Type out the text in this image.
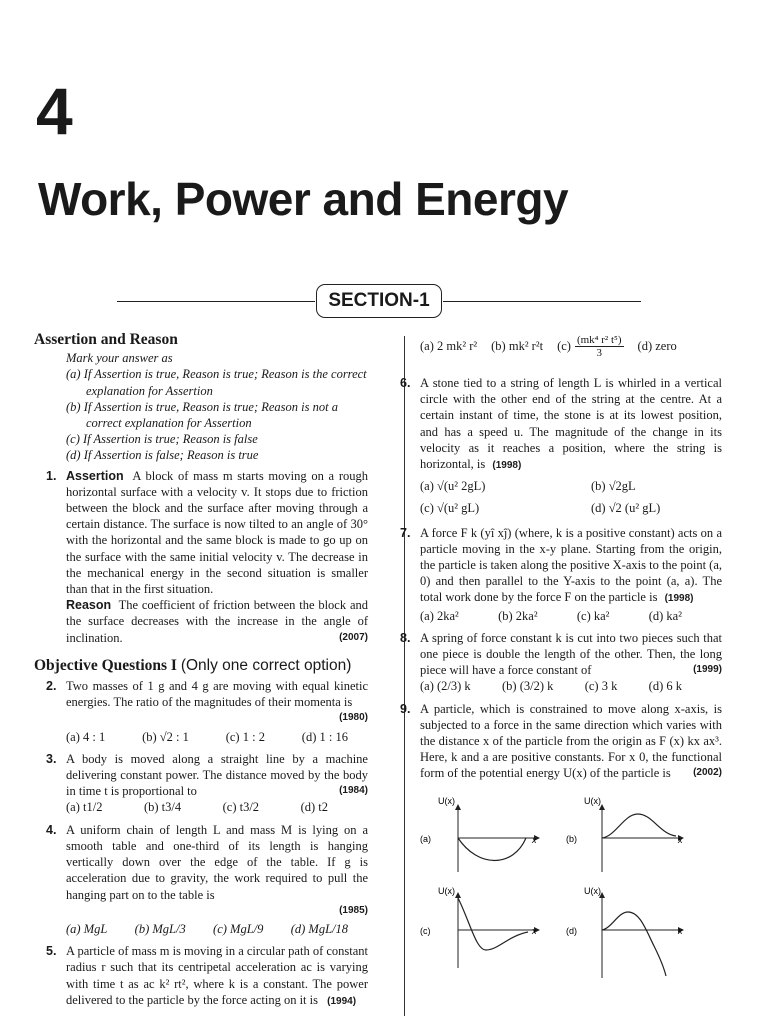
4
Work, Power and Energy
SECTION-1
Assertion and Reason
Mark your answer as
(a) If Assertion is true, Reason is true; Reason is the correct explanation for Assertion
(b) If Assertion is true, Reason is true; Reason is not a correct explanation for Assertion
(c) If Assertion is true; Reason is false
(d) If Assertion is false; Reason is true
1. Assertion A block of mass m starts moving on a rough horizontal surface with a velocity v. It stops due to friction between the block and the surface after moving through a certain distance. The surface is now tilted to an angle of 30° with the horizontal and the same block is made to go up on the surface with the same initial velocity v. The decrease in the mechanical energy in the second situation is smaller than that in the first situation.
Reason The coefficient of friction between the block and the surface decreases with the increase in the angle of inclination.	(2007)
Objective Questions I (Only one correct option)
2. Two masses of 1 g and 4 g are moving with equal kinetic energies. The ratio of the magnitudes of their momenta is
(1980)
(a) 4 : 1	(b) √2 : 1	(c) 1 : 2	(d) 1 : 16
3. A body is moved along a straight line by a machine delivering constant power. The distance moved by the body in time t is proportional to	(1984)
(a) t1/2	(b) t3/4	(c) t3/2	(d) t2
4. A uniform chain of length L and mass M is lying on a smooth table and one-third of its length is hanging vertically down over the edge of the table. If g is acceleration due to gravity, the work required to pull the hanging part on to the table is
(1985)
(a) MgL (b) MgL/3 (c) MgL/9 (d) MgL/18
5. A particle of mass m is moving in a circular path of constant radius r such that its centripetal acceleration ac is varying with time t as ac k² rt², where k is a constant. The power delivered to the particle by the force acting on it is (1994)
(a) 2 mk² r² (b) mk² r²t $(c) \frac{\text{(mk⁴ r² t⁵)}}{3} (d)$ zero
6. A stone tied to a string of length L is whirled in a vertical circle with the other end of the string at the centre. At a certain instant of time, the stone is at its lowest position, and has a speed u. The magnitude of the change in its velocity as it reaches a position, where the string is horizontal, is (1998)
(a) √(u² 2gL)	(b) √2gL
(c) √(u² gL)	(d) √2 (u² gL)
7. A force F k (yî xĵ) (where, k is a positive constant) acts on a particle moving in the x-y plane. Starting from the origin, the particle is taken along the positive X-axis to the point (a, 0) and then parallel to the Y-axis to the point (a, a). The total work done by the force F on the particle is (1998)
(a) 2ka²	(b) 2ka²	(c) ka²	(d) ka²
8. A spring of force constant k is cut into two pieces such that one piece is double the length of the other. Then, the long piece will have a force constant of	(1999)
(a) (2/3) k	(b) (3/2) k	(c) 3 k	(d) 6 k
9. A particle, which is constrained to move along x-axis, is subjected to a force in the same direction which varies with the distance x of the particle from the origin as F (x) kx ax³. Here, k and a are positive constants. For x 0, the functional form of the potential energy U(x) of the particle is (2002)
U(x)
x
(a)
U(x)
x
(b)
U(x)
x
(c)
U(x)
x
(d)
